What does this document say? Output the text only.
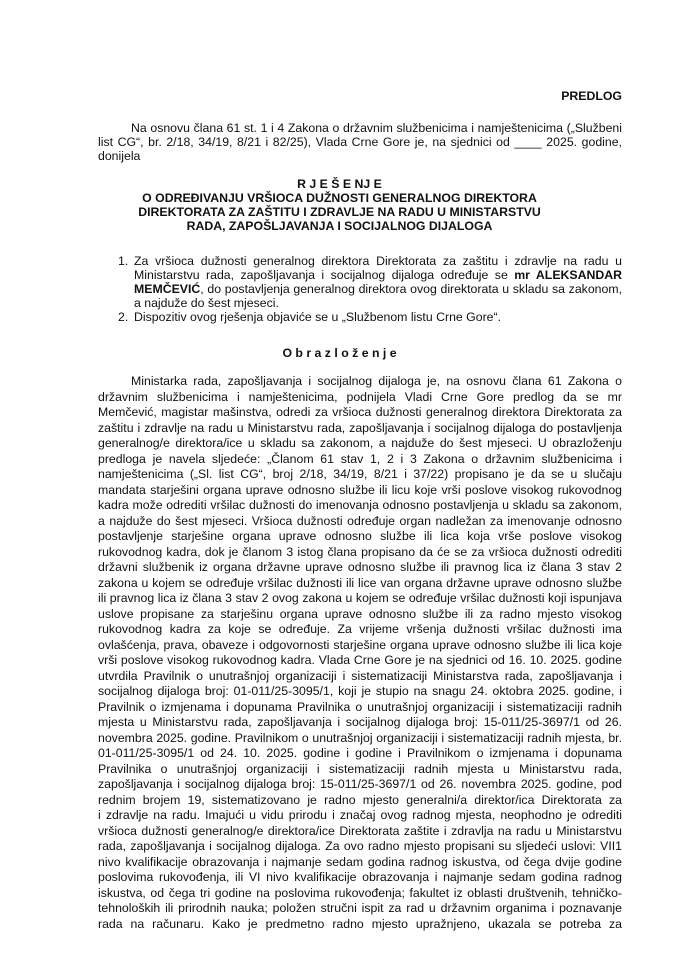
PREDLOG
Na osnovu člana 61 st. 1 i 4 Zakona o državnim službenicima i namještenicima („Službeni
list CG“, br. 2/18, 34/19, 8/21 i 82/25), Vlada Crne Gore je, na sjednici od ____ 2025. godine,
donijela
R J E Š E NJ E
O ODREĐIVANJU VRŠIOCA DUŽNOSTI GENERALNOG DIREKTORA
DIREKTORATA ZA ZAŠTITU I ZDRAVLJE NA RADU U MINISTARSTVU
RADA, ZAPOŠLJAVANJA I SOCIJALNOG DIJALOGA
1. Za vršioca dužnosti generalnog direktora Direktorata za zaštitu i zdravlje na radu u
Ministarstvu rada, zapošljavanja i socijalnog dijaloga određuje se mr ALEKSANDAR
MEMČEVIĆ, do postavljenja generalnog direktora ovog direktorata u skladu sa zakonom,
a najduže do šest mjeseci.
2. Dispozitiv ovog rješenja objaviće se u „Službenom listu Crne Gore“.
O b r a z l o ž e n j e
Ministarka rada, zapošljavanja i socijalnog dijaloga je, na osnovu člana 61 Zakona o
državnim službenicima i namještenicima, podnijela Vladi Crne Gore predlog da se mr
Memčević, magistar mašinstva, odredi za vršioca dužnosti generalnog direktora Direktorata za
zaštitu i zdravlje na radu u Ministarstvu rada, zapošljavanja i socijalnog dijaloga do postavljenja
generalnog/e direktora/ice u skladu sa zakonom, a najduže do šest mjeseci. U obrazloženju
predloga je navela sljedeće: „Članom 61 stav 1, 2 i 3 Zakona o državnim službenicima i
namještenicima („Sl. list CG“, broj 2/18, 34/19, 8/21 i 37/22) propisano je da se u slučaju
mandata starješini organa uprave odnosno službe ili licu koje vrši poslove visokog rukovodnog
kadra može odrediti vršilac dužnosti do imenovanja odnosno postavljenja u skladu sa zakonom,
a najduže do šest mjeseci. Vršioca dužnosti određuje organ nadležan za imenovanje odnosno
postavljenje starješine organa uprave odnosno službe ili lica koja vrše poslove visokog
rukovodnog kadra, dok je članom 3 istog člana propisano da će se za vršioca dužnosti odrediti
državni službenik iz organa državne uprave odnosno službe ili pravnog lica iz člana 3 stav 2
zakona u kojem se određuje vršilac dužnosti ili lice van organa državne uprave odnosno službe
ili pravnog lica iz člana 3 stav 2 ovog zakona u kojem se određuje vršilac dužnosti koji ispunjava
uslove propisane za starješinu organa uprave odnosno službe ili za radno mjesto visokog
rukovodnog kadra za koje se određuje. Za vrijeme vršenja dužnosti vršilac dužnosti ima
ovlašćenja, prava, obaveze i odgovornosti starješine organa uprave odnosno službe ili lica koje
vrši poslove visokog rukovodnog kadra. Vlada Crne Gore je na sjednici od 16. 10. 2025. godine
utvrdila Pravilnik o unutrašnjoj organizaciji i sistematizaciji Ministarstva rada, zapošljavanja i
socijalnog dijaloga broj: 01-011/25-3095/1, koji je stupio na snagu 24. oktobra 2025. godine, i
Pravilnik o izmjenama i dopunama Pravilnika o unutrašnjoj organizaciji i sistematizaciji radnih
mjesta u Ministarstvu rada, zapošljavanja i socijalnog dijaloga broj: 15-011/25-3697/1 od 26.
novembra 2025. godine. Pravilnikom o unutrašnjoj organizaciji i sistematizaciji radnih mjesta, br.
01-011/25-3095/1 od 24. 10. 2025. godine i godine i Pravilnikom o izmjenama i dopunama
Pravilnika o unutrašnjoj organizaciji i sistematizaciji radnih mjesta u Ministarstvu rada,
zapošljavanja i socijalnog dijaloga broj: 15-011/25-3697/1 od 26. novembra 2025. godine, pod
rednim brojem 19, sistematizovano je radno mjesto generalni/a direktor/ica Direktorata za
i zdravlje na radu. Imajući u vidu prirodu i značaj ovog radnog mjesta, neophodno je odrediti
vršioca dužnosti generalnog/e direktora/ice Direktorata zaštite i zdravlja na radu u Ministarstvu
rada, zapošljavanja i socijalnog dijaloga. Za ovo radno mjesto propisani su sljedeći uslovi: VII1
nivo kvalifikacije obrazovanja i najmanje sedam godina radnog iskustva, od čega dvije godine
poslovima rukovođenja, ili VI nivo kvalifikacije obrazovanja i najmanje sedam godina radnog
iskustva, od čega tri godine na poslovima rukovođenja; fakultet iz oblasti društvenih, tehničko-
tehnoloških ili prirodnih nauka; položen stručni ispit za rad u državnim organima i poznavanje
rada na računaru. Kako je predmetno radno mjesto upražnjeno, ukazala se potreba za
